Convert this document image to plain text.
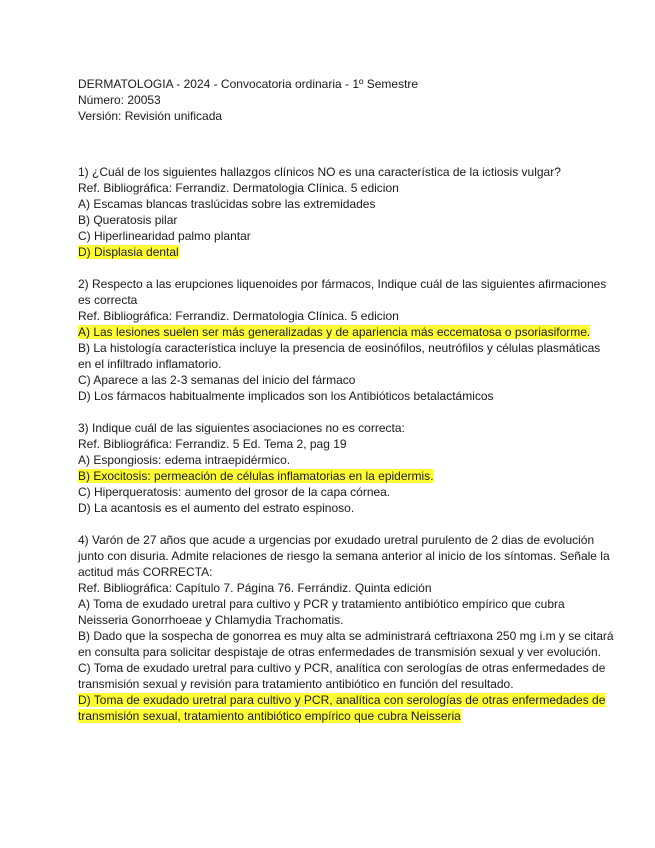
DERMATOLOGIA - 2024 - Convocatoria ordinaria - 1º Semestre
Número: 20053
Versión: Revisión unificada
1) ¿Cuál de los siguientes hallazgos clínicos NO es una característica de la ictiosis vulgar?
Ref. Bibliográfica: Ferrandiz. Dermatologia Clínica. 5 edicion
A) Escamas blancas traslúcidas sobre las extremidades
B) Queratosis pilar
C) Hiperlinearidad palmo plantar
D) Displasia dental
2) Respecto a las erupciones liquenoides por fármacos, Indique cuál de las siguientes afirmaciones es correcta
Ref. Bibliográfica: Ferrandiz. Dermatologia Clínica. 5 edicion
A) Las lesiones suelen ser más generalizadas y de apariencia más eccematosa o psoriasiforme.
B) La histología característica incluye la presencia de eosinófilos, neutrófilos y células plasmáticas en el infiltrado inflamatorio.
C) Aparece a las 2-3 semanas del inicio del fármaco
D) Los fármacos habitualmente implicados son los Antibióticos betalactámicos
3) Indique cuál de las siguientes asociaciones no es correcta:
Ref. Bibliográfica: Ferrandiz. 5 Ed. Tema 2, pag 19
A) Espongiosis: edema intraepidérmico.
B) Exocitosis: permeación de células inflamatorias en la epidermis.
C) Hiperqueratosis: aumento del grosor de la capa córnea.
D) La acantosis es el aumento del estrato espinoso.
4) Varón de 27 años que acude a urgencias por exudado uretral purulento de 2 dias de evolución junto con disuria. Admite relaciones de riesgo la semana anterior al inicio de los síntomas. Señale la actitud más CORRECTA:
Ref. Bibliográfica: Capítulo 7. Página 76. Ferrándiz. Quinta edición
A) Toma de exudado uretral para cultivo y PCR y tratamiento antibiótico empírico que cubra Neisseria Gonorrhoeae y Chlamydia Trachomatis.
B) Dado que la sospecha de gonorrea es muy alta se administrará ceftriaxona 250 mg i.m y se citará en consulta para solicitar despistaje de otras enfermedades de transmisión sexual y ver evolución.
C) Toma de exudado uretral para cultivo y PCR, analítica con serologías de otras enfermedades de transmisión sexual y revisión para tratamiento antibiótico en función del resultado.
D) Toma de exudado uretral para cultivo y PCR, analítica con serologías de otras enfermedades de transmisión sexual, tratamiento antibiótico empírico que cubra Neisseria
